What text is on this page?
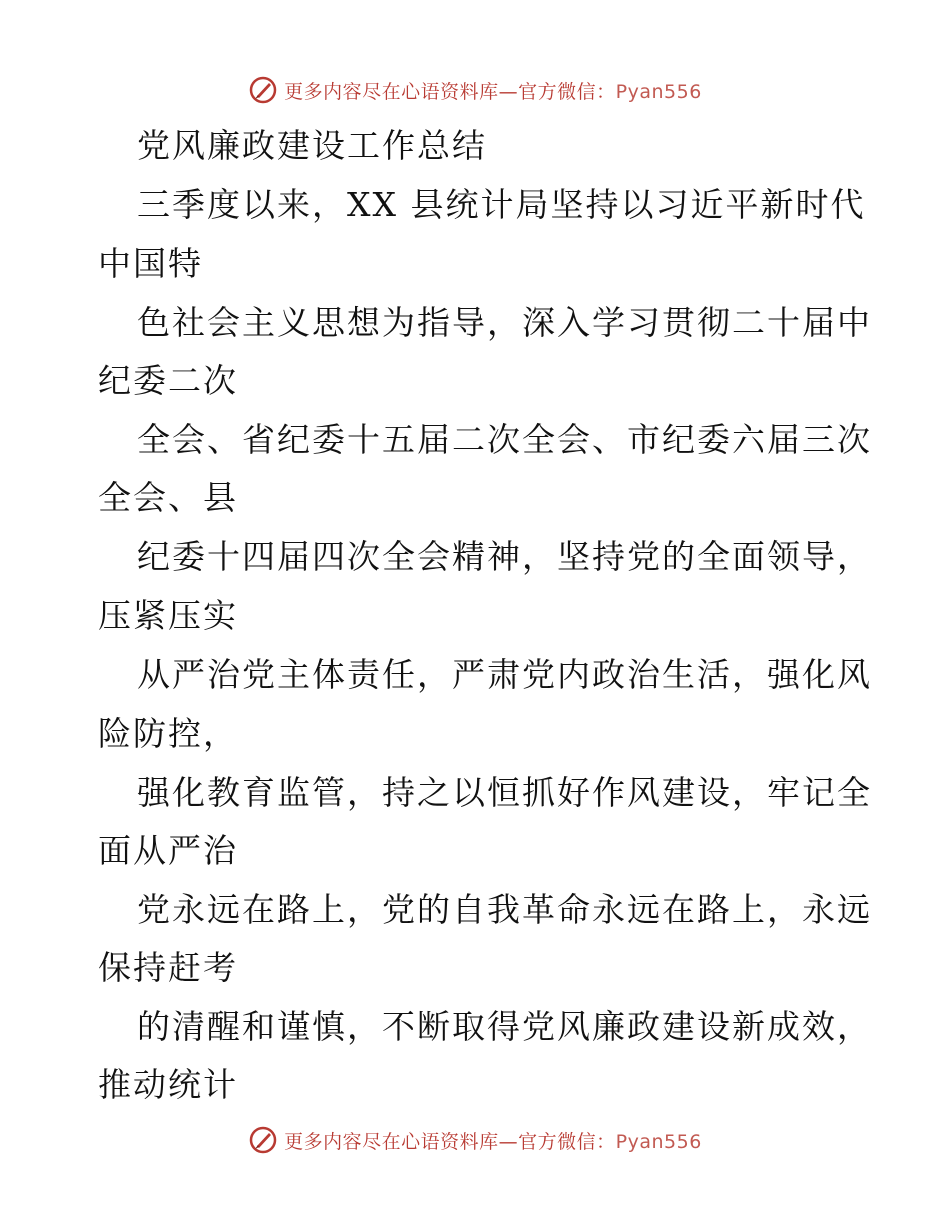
更多内容尽在心语资料库—官方微信：Pyan556
党风廉政建设工作总结
三季度以来，XX 县统计局坚持以习近平新时代
中国特
色社会主义思想为指导，深入学习贯彻二十届中
纪委二次
全会、省纪委十五届二次全会、市纪委六届三次
全会、县
纪委十四届四次全会精神，坚持党的全面领导，
压紧压实
从严治党主体责任，严肃党内政治生活，强化风
险防控，
强化教育监管，持之以恒抓好作风建设，牢记全
面从严治
党永远在路上，党的自我革命永远在路上，永远
保持赶考
的清醒和谨慎，不断取得党风廉政建设新成效，
推动统计
更多内容尽在心语资料库—官方微信：Pyan556
